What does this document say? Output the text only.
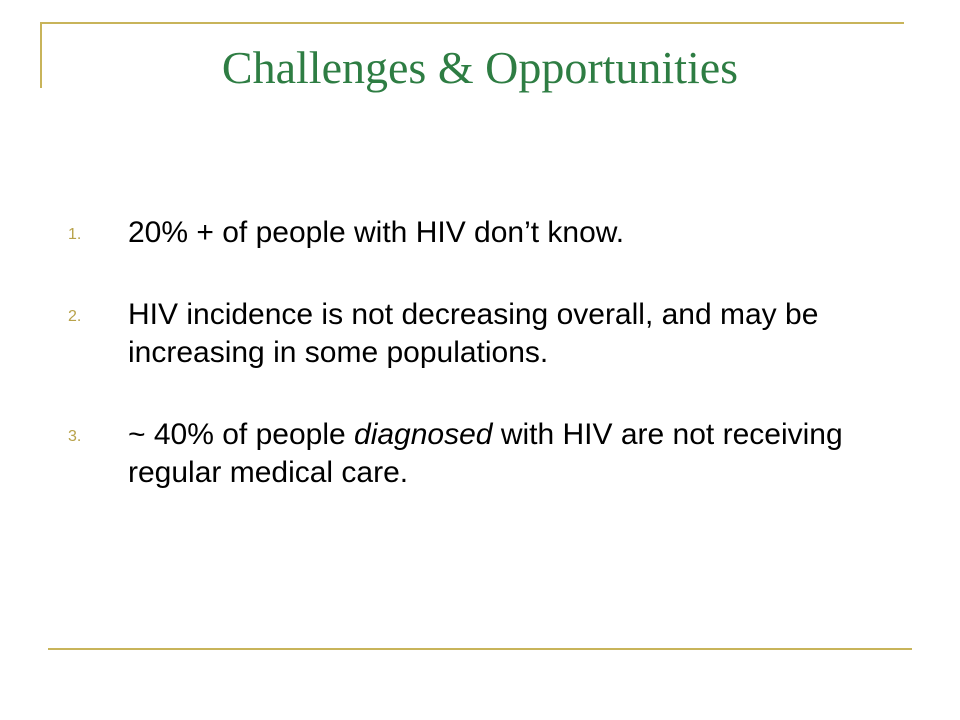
Challenges & Opportunities
1. 20% + of people with HIV don’t know.
2. HIV incidence is not decreasing overall, and may be increasing in some populations.
3. ~ 40% of people diagnosed with HIV are not receiving regular medical care.
